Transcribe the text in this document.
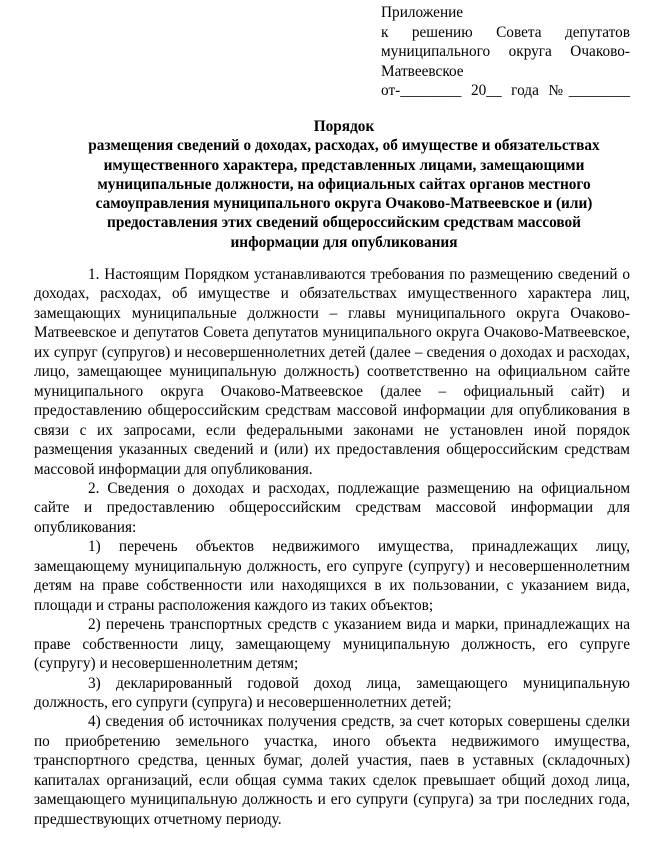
Приложение
к решению Совета депутатов
муниципального округа Очаково-
Матвеевское
от-________ 20__ года №________
Порядок
размещения сведений о доходах, расходах, об имуществе и обязательствах
имущественного характера, представленных лицами, замещающими
муниципальные должности, на официальных сайтах органов местного
самоуправления муниципального округа Очаково-Матвеевское и (или)
предоставления этих сведений общероссийским средствам массовой
информации для опубликования

1. Настоящим Порядком устанавливаются требования по размещению сведений о доходах, расходах, об имуществе и обязательствах имущественного характера лиц, замещающих муниципальные должности – главы муниципального округа Очаково-Матвеевское и депутатов Совета депутатов муниципального округа Очаково-Матвеевское, их супруг (супругов) и несовершеннолетних детей (далее – сведения о доходах и расходах, лицо, замещающее муниципальную должность) соответственно на официальном сайте муниципального округа Очаково-Матвеевское (далее – официальный сайт) и предоставлению общероссийским средствам массовой информации для опубликования в связи с их запросами, если федеральными законами не установлен иной порядок размещения указанных сведений и (или) их предоставления общероссийским средствам массовой информации для опубликования.

2. Сведения о доходах и расходах, подлежащие размещению на официальном сайте и предоставлению общероссийским средствам массовой информации для опубликования:

1) перечень объектов недвижимого имущества, принадлежащих лицу, замещающему муниципальную должность, его супруге (супругу) и несовершеннолетним детям на праве собственности или находящихся в их пользовании, с указанием вида, площади и страны расположения каждого из таких объектов;

2) перечень транспортных средств с указанием вида и марки, принадлежащих на праве собственности лицу, замещающему муниципальную должность, его супруге (супругу) и несовершеннолетним детям;

3) декларированный годовой доход лица, замещающего муниципальную должность, его супруги (супруга) и несовершеннолетних детей;

4) сведения об источниках получения средств, за счет которых совершены сделки по приобретению земельного участка, иного объекта недвижимого имущества, транспортного средства, ценных бумаг, долей участия, паев в уставных (складочных) капиталах организаций, если общая сумма таких сделок превышает общий доход лица, замещающего муниципальную должность и его супруги (супруга) за три последних года, предшествующих отчетному периоду.
